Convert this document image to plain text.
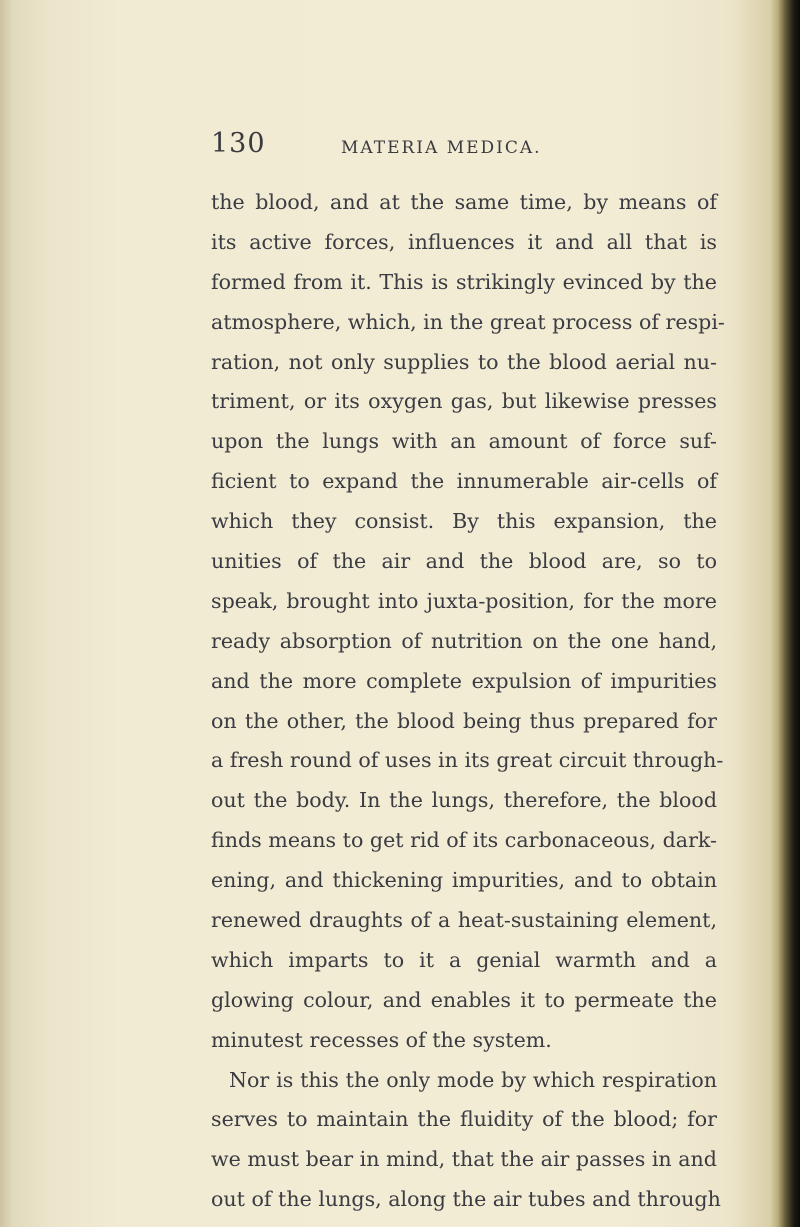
130	MATERIA MEDICA.
the blood, and at the same time, by means of
its active forces, influences it and all that is
formed from it. This is strikingly evinced by the
atmosphere, which, in the great process of respi-
ration, not only supplies to the blood aerial nu-
triment, or its oxygen gas, but likewise presses
upon the lungs with an amount of force suf-
ficient to expand the innumerable air-cells of
which they consist. By this expansion, the
unities of the air and the blood are, so to
speak, brought into juxta-position, for the more
ready absorption of nutrition on the one hand,
and the more complete expulsion of impurities
on the other, the blood being thus prepared for
a fresh round of uses in its great circuit through-
out the body. In the lungs, therefore, the blood
finds means to get rid of its carbonaceous, dark-
ening, and thickening impurities, and to obtain
renewed draughts of a heat-sustaining element,
which imparts to it a genial warmth and a
glowing colour, and enables it to permeate the
minutest recesses of the system.
Nor is this the only mode by which respiration
serves to maintain the fluidity of the blood; for
we must bear in mind, that the air passes in and
out of the lungs, along the air tubes and through
